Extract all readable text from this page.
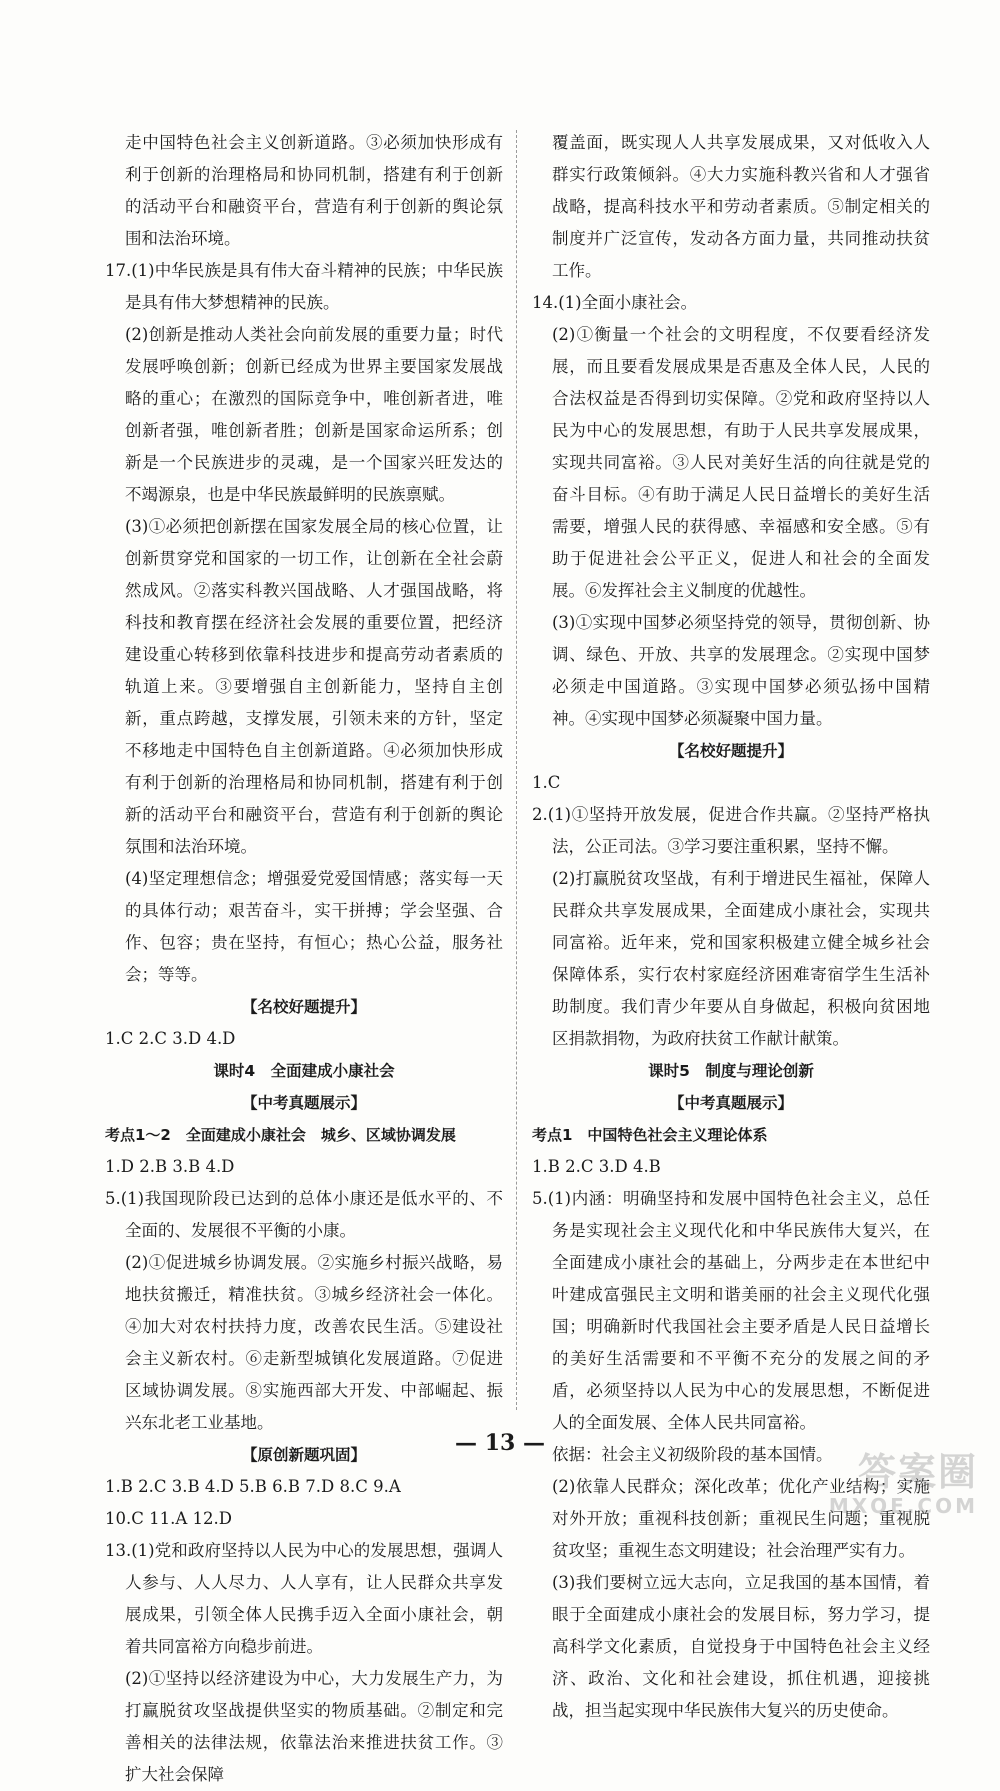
走中国特色社会主义创新道路。③必须加快形成有利于创新的治理格局和协同机制，搭建有利于创新的活动平台和融资平台，营造有利于创新的舆论氛围和法治环境。

17.(1)中华民族是具有伟大奋斗精神的民族；中华民族是具有伟大梦想精神的民族。

(2)创新是推动人类社会向前发展的重要力量；时代发展呼唤创新；创新已经成为世界主要国家发展战略的重心；在激烈的国际竞争中，唯创新者进，唯创新者强，唯创新者胜；创新是国家命运所系；创新是一个民族进步的灵魂，是一个国家兴旺发达的不竭源泉，也是中华民族最鲜明的民族禀赋。

(3)①必须把创新摆在国家发展全局的核心位置，让创新贯穿党和国家的一切工作，让创新在全社会蔚然成风。②落实科教兴国战略、人才强国战略，将科技和教育摆在经济社会发展的重要位置，把经济建设重心转移到依靠科技进步和提高劳动者素质的轨道上来。③要增强自主创新能力，坚持自主创新，重点跨越，支撑发展，引领未来的方针，坚定不移地走中国特色自主创新道路。④必须加快形成有利于创新的治理格局和协同机制，搭建有利于创新的活动平台和融资平台，营造有利于创新的舆论氛围和法治环境。

(4)坚定理想信念；增强爱党爱国情感；落实每一天的具体行动；艰苦奋斗，实干拼搏；学会坚强、合作、包容；贵在坚持，有恒心；热心公益，服务社会；等等。

【名校好题提升】

1.C 2.C 3.D 4.D

课时4　全面建成小康社会

【中考真题展示】

考点1～2　全面建成小康社会　城乡、区域协调发展

1.D 2.B 3.B 4.D

5.(1)我国现阶段已达到的总体小康还是低水平的、不全面的、发展很不平衡的小康。

(2)①促进城乡协调发展。②实施乡村振兴战略，易地扶贫搬迁，精准扶贫。③城乡经济社会一体化。④加大对农村扶持力度，改善农民生活。⑤建设社会主义新农村。⑥走新型城镇化发展道路。⑦促进区域协调发展。⑧实施西部大开发、中部崛起、振兴东北老工业基地。

【原创新题巩固】

1.B 2.C 3.B 4.D 5.B 6.B 7.D 8.C 9.A

10.C 11.A 12.D

13.(1)党和政府坚持以人民为中心的发展思想，强调人人参与、人人尽力、人人享有，让人民群众共享发展成果，引领全体人民携手迈入全面小康社会，朝着共同富裕方向稳步前进。

(2)①坚持以经济建设为中心，大力发展生产力，为打赢脱贫攻坚战提供坚实的物质基础。②制定和完善相关的法律法规，依靠法治来推进扶贫工作。③扩大社会保障

覆盖面，既实现人人共享发展成果，又对低收入人群实行政策倾斜。④大力实施科教兴省和人才强省战略，提高科技水平和劳动者素质。⑤制定相关的制度并广泛宣传，发动各方面力量，共同推动扶贫工作。

14.(1)全面小康社会。

(2)①衡量一个社会的文明程度，不仅要看经济发展，而且要看发展成果是否惠及全体人民，人民的合法权益是否得到切实保障。②党和政府坚持以人民为中心的发展思想，有助于人民共享发展成果，实现共同富裕。③人民对美好生活的向往就是党的奋斗目标。④有助于满足人民日益增长的美好生活需要，增强人民的获得感、幸福感和安全感。⑤有助于促进社会公平正义，促进人和社会的全面发展。⑥发挥社会主义制度的优越性。

(3)①实现中国梦必须坚持党的领导，贯彻创新、协调、绿色、开放、共享的发展理念。②实现中国梦必须走中国道路。③实现中国梦必须弘扬中国精神。④实现中国梦必须凝聚中国力量。

【名校好题提升】

1.C

2.(1)①坚持开放发展，促进合作共赢。②坚持严格执法，公正司法。③学习要注重积累，坚持不懈。

(2)打赢脱贫攻坚战，有利于增进民生福祉，保障人民群众共享发展成果，全面建成小康社会，实现共同富裕。近年来，党和国家积极建立健全城乡社会保障体系，实行农村家庭经济困难寄宿学生生活补助制度。我们青少年要从自身做起，积极向贫困地区捐款捐物，为政府扶贫工作献计献策。

课时5　制度与理论创新

【中考真题展示】

考点1　中国特色社会主义理论体系

1.B 2.C 3.D 4.B

5.(1)内涵：明确坚持和发展中国特色社会主义，总任务是实现社会主义现代化和中华民族伟大复兴，在全面建成小康社会的基础上，分两步走在本世纪中叶建成富强民主文明和谐美丽的社会主义现代化强国；明确新时代我国社会主要矛盾是人民日益增长的美好生活需要和不平衡不充分的发展之间的矛盾，必须坚持以人民为中心的发展思想，不断促进人的全面发展、全体人民共同富裕。

依据：社会主义初级阶段的基本国情。

(2)依靠人民群众；深化改革；优化产业结构；实施对外开放；重视科技创新；重视民生问题；重视脱贫攻坚；重视生态文明建设；社会治理严实有力。

(3)我们要树立远大志向，立足我国的基本国情，着眼于全面建成小康社会的发展目标，努力学习，提高科学文化素质，自觉投身于中国特色社会主义经济、政治、文化和社会建设，抓住机遇，迎接挑战，担当起实现中华民族伟大复兴的历史使命。

— 13 —
答案圈
MXQE.COM
